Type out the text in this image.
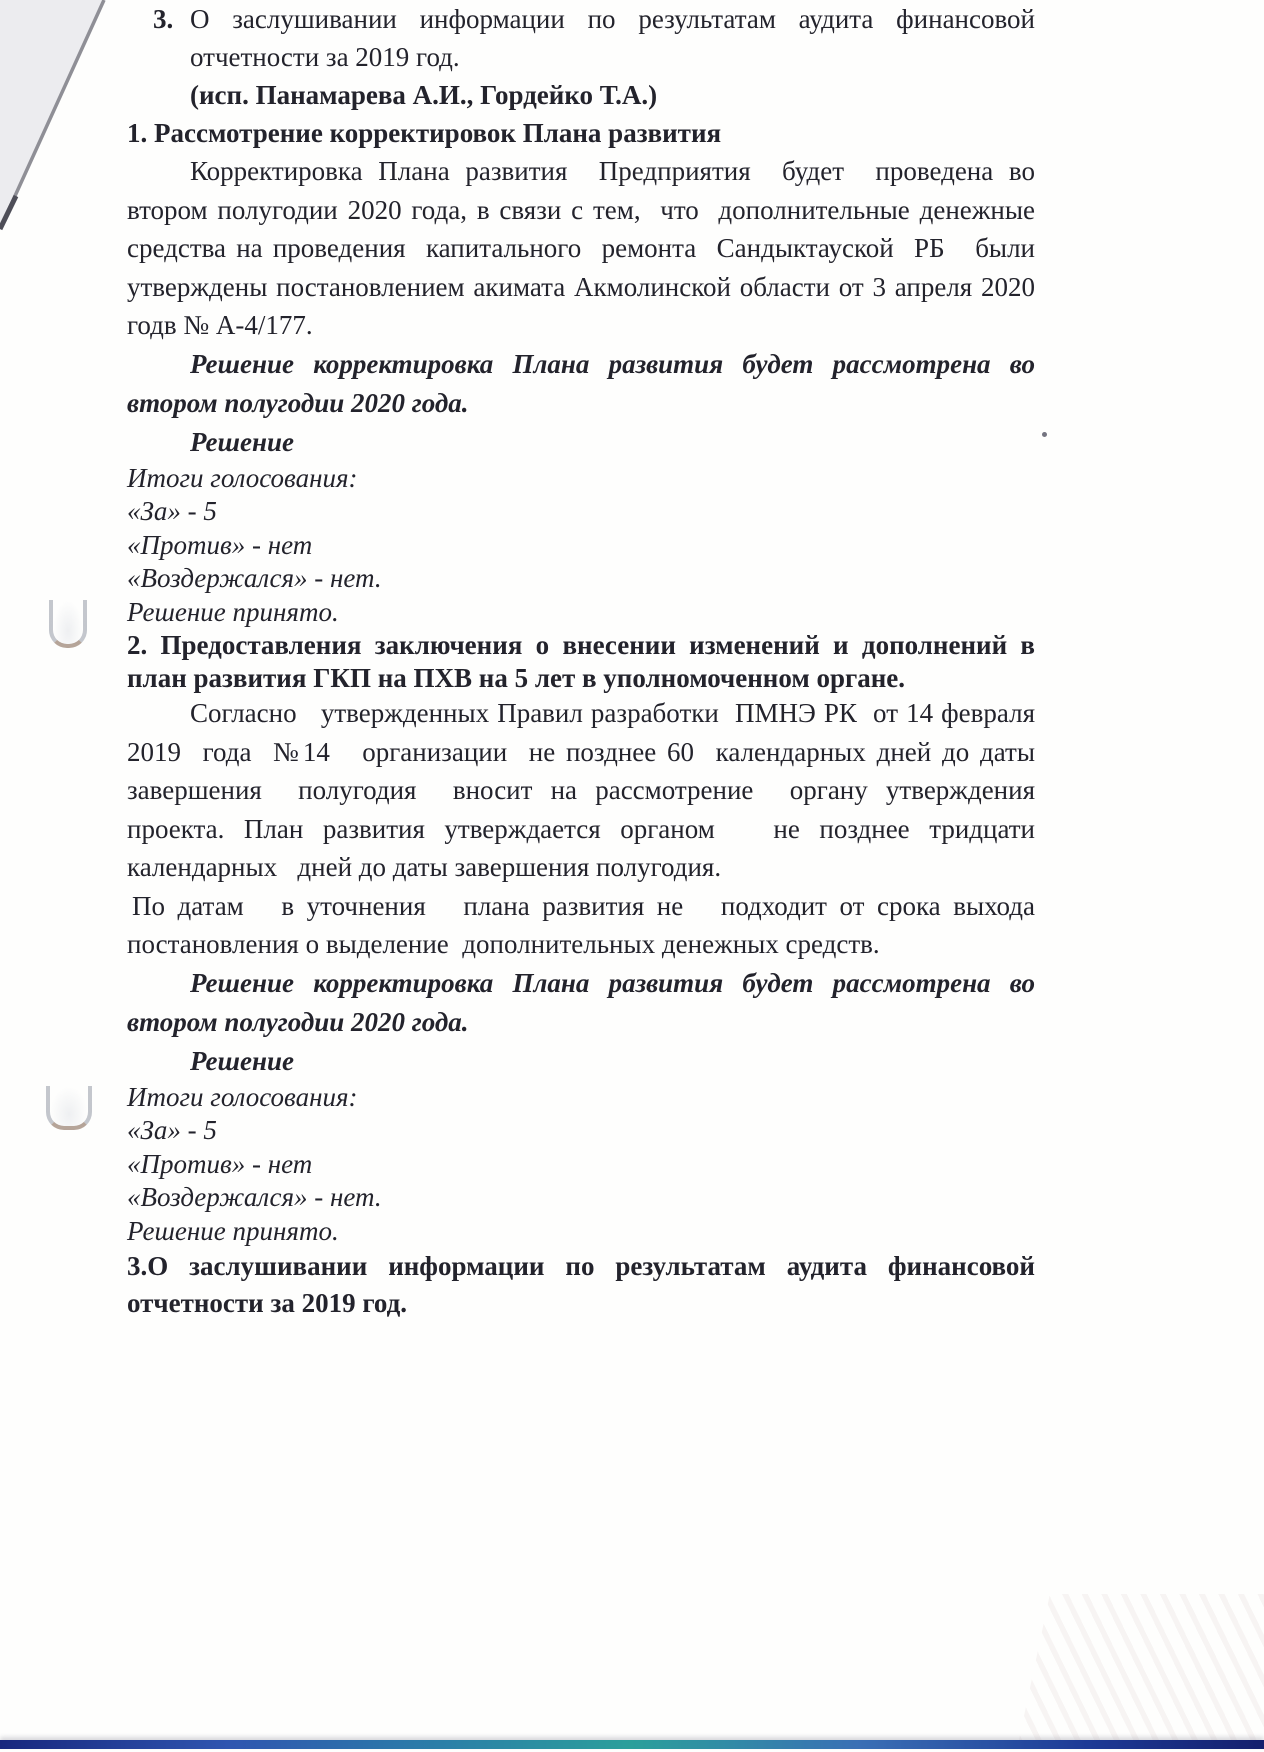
3. О  заслушивании  информации  по  результатам  аудита  финансовой отчетности за 2019 год.
(исп. Панамарева А.И., Гордейко Т.А.)
1. Рассмотрение корректировок Плана развития
Корректировка Плана развития  Предприятия  будет  проведена во втором полугодии 2020 года, в связи с тем,  что  дополнительные денежные средства на проведения  капитального  ремонта  Сандыктауской  РБ   были  утверждены постановлением акимата Акмолинской области от 3 апреля 2020 годв № А-4/177.
Решение корректировка Плана развития будет рассмотрена во втором полугодии 2020 года.
Решение
Итоги голосования:
«За» - 5
«Против» - нет
«Воздержался» - нет.
Решение принято.
2. Предоставления заключения о внесении изменений и дополнений в план развития ГКП на ПХВ на 5 лет в уполномоченном органе.
Согласно   утвержденных Правил разработки  ПМНЭ РК  от 14 февраля 2019  года  №14   организации  не позднее 60  календарных дней до даты завершения  полугодия  вносит на рассмотрение  органу утверждения проекта. План развития утверждается органом   не позднее тридцати календарных   дней до даты завершения полугодия.
По датам   в уточнения   плана развития не   подходит от срока выхода постановления о выделение  дополнительных денежных средств.
Решение корректировка Плана развития будет рассмотрена во втором полугодии 2020 года.
Решение
Итоги голосования:
«За» - 5
«Против» - нет
«Воздержался» - нет.
Решение принято.
3.О  заслушивании  информации  по  результатам  аудита  финансовой отчетности за 2019 год.
